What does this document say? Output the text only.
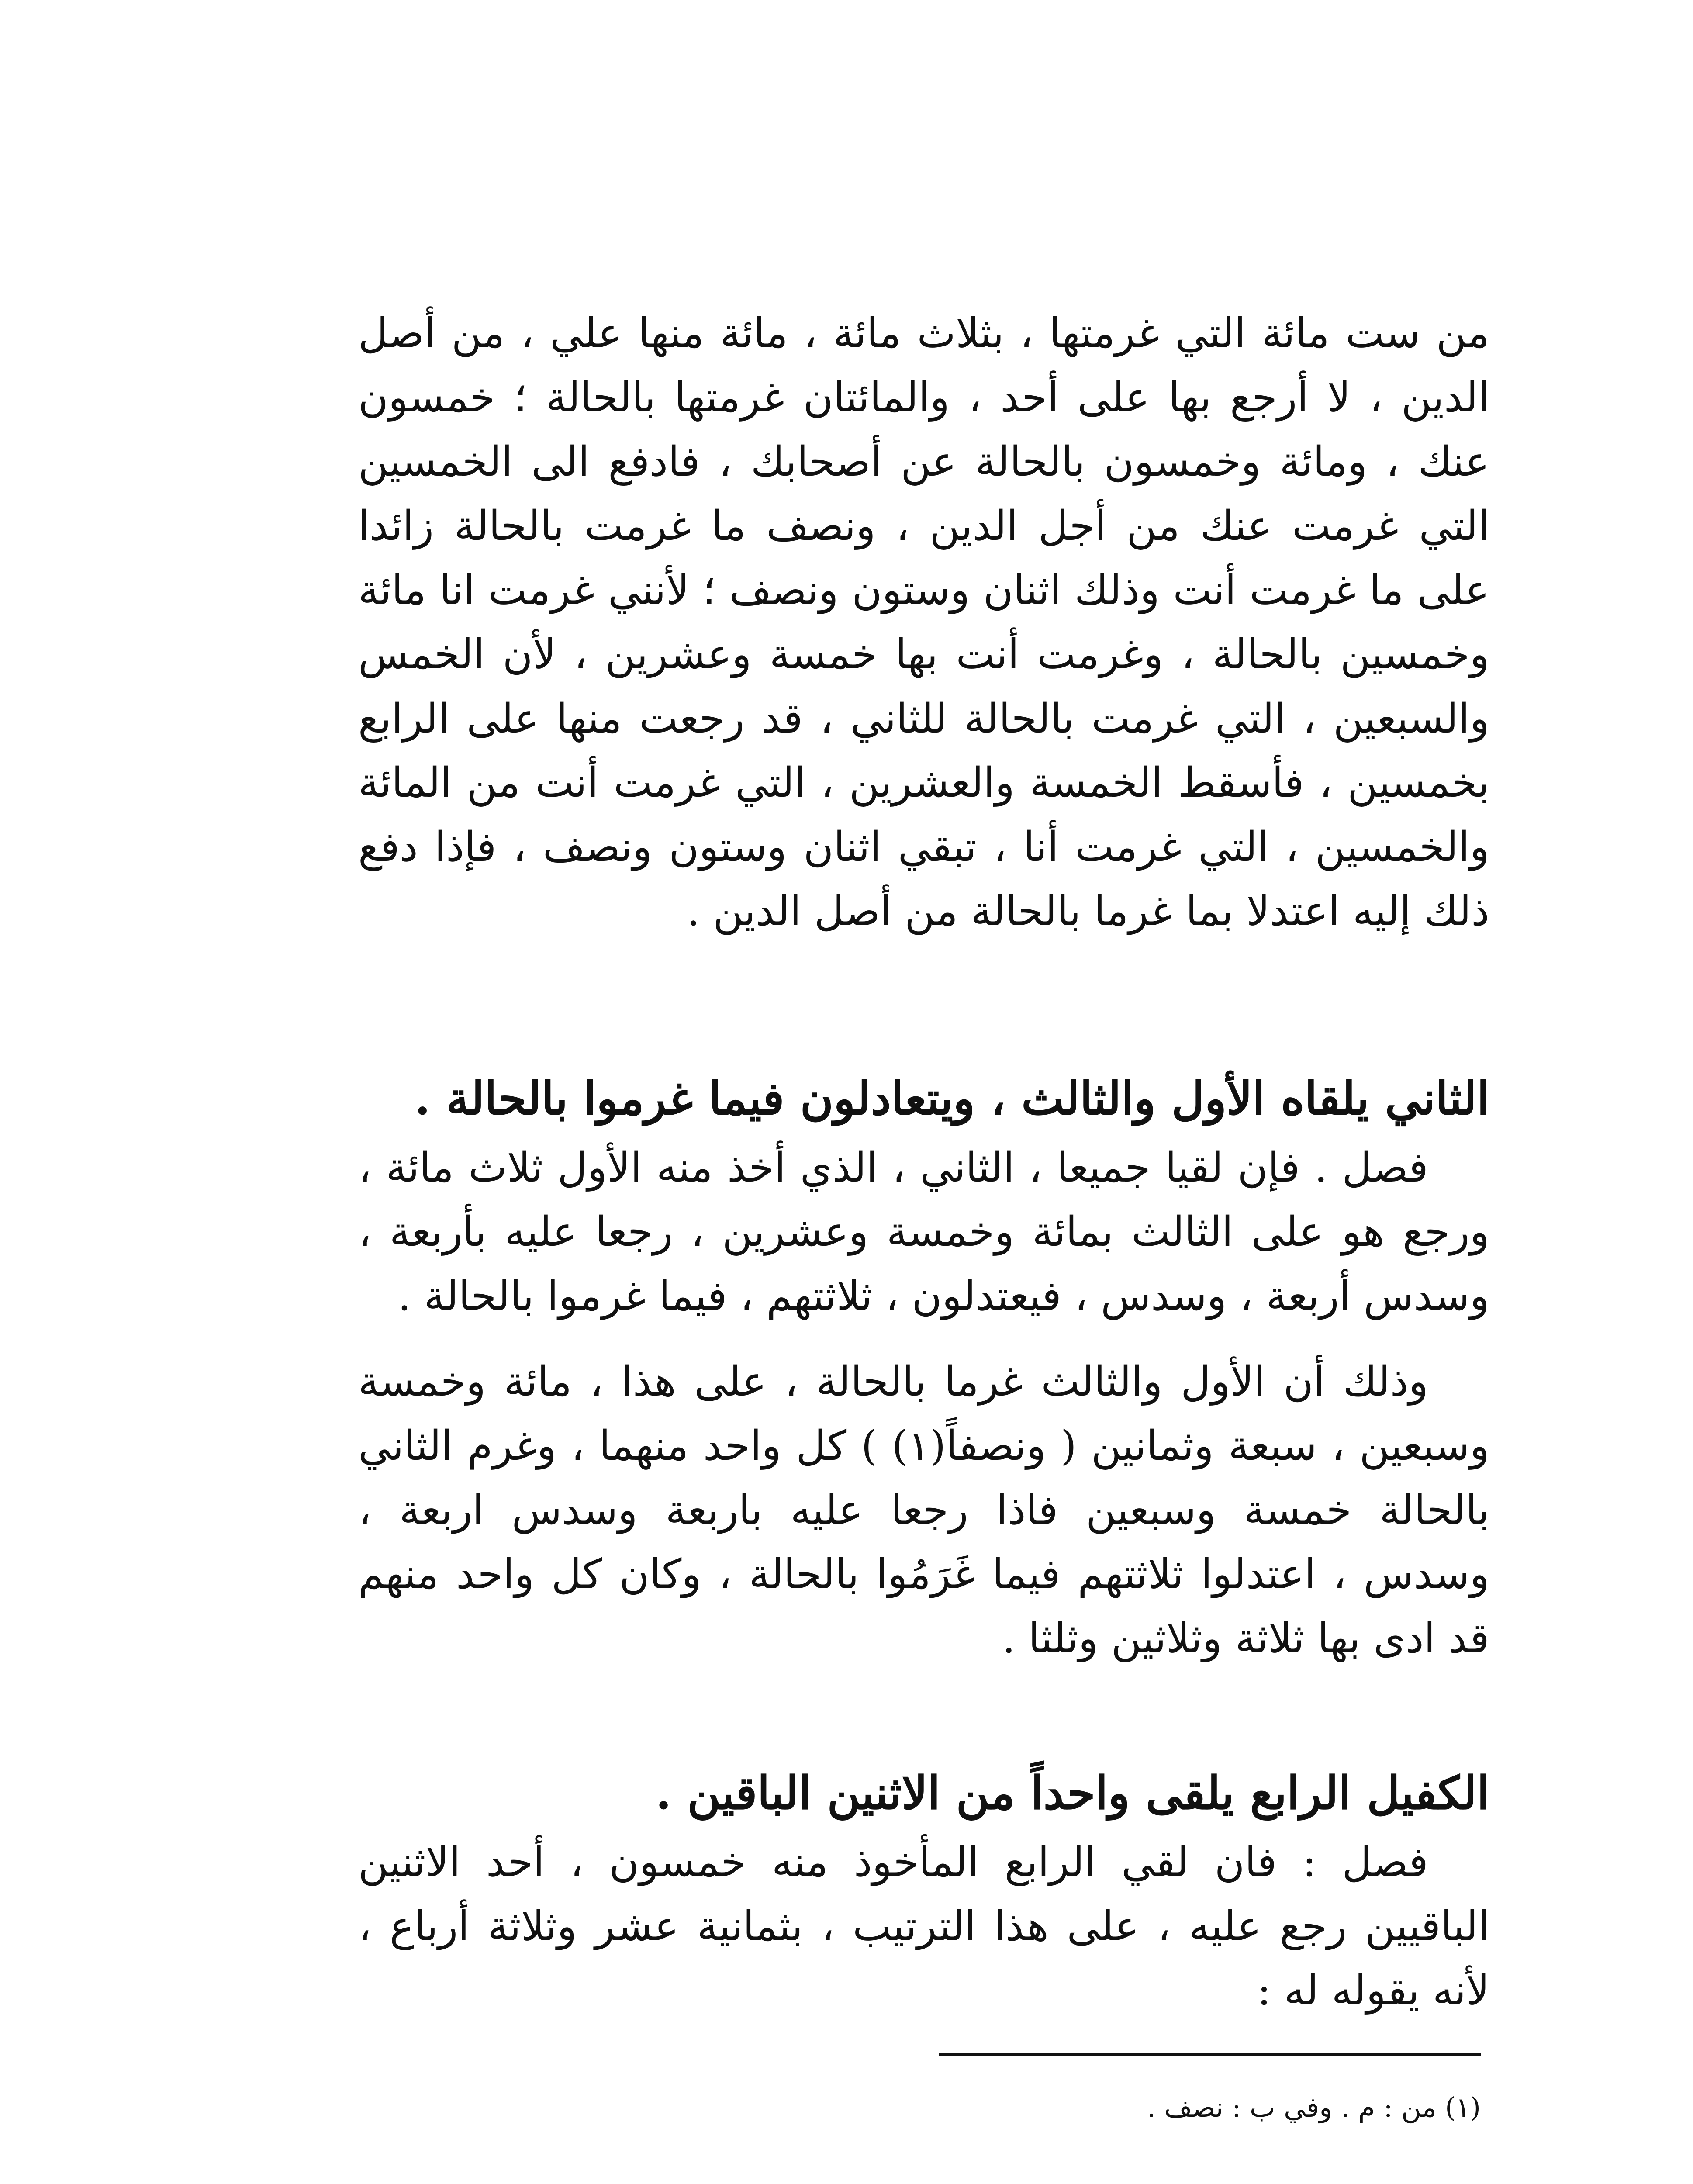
من ست مائة التي غرمتها ، بثلاث مائة ، مائة منها علي ، من أصل الدين ، لا أرجع بها على أحد ، والمائتان غرمتها بالحالة ؛ خمسون عنك ، ومائة وخمسون بالحالة عن أصحابك ، فادفع الى الخمسين التي غرمت عنك من أجل الدين ، ونصف ما غرمت بالحالة زائدا على ما غرمت أنت وذلك اثنان وستون ونصف ؛ لأنني غرمت انا مائة وخمسين بالحالة ، وغرمت أنت بها خمسة وعشرين ، لأن الخمس والسبعين ، التي غرمت بالحالة للثاني ، قد رجعت منها على الرابع بخمسين ، فأسقط الخمسة والعشرين ، التي غرمت أنت من المائة والخمسين ، التي غرمت أنا ، تبقي اثنان وستون ونصف ، فإذا دفع ذلك إليه اعتدلا بما غرما بالحالة من أصل الدين .

الثاني يلقاه الأول والثالث ، ويتعادلون فيما غرموا بالحالة .

فصل . فإن لقيا جميعا ، الثاني ، الذي أخذ منه الأول ثلاث مائة ، ورجع هو على الثالث بمائة وخمسة وعشرين ، رجعا عليه بأربعة ، وسدس أربعة ، وسدس ، فيعتدلون ، ثلاثتهم ، فيما غرموا بالحالة .

وذلك أن الأول والثالث غرما بالحالة ، على هذا ، مائة وخمسة وسبعين ، سبعة وثمانين ( ونصفاً(١) ) كل واحد منهما ، وغرم الثاني بالحالة خمسة وسبعين فاذا رجعا عليه باربعة وسدس اربعة ، وسدس ، اعتدلوا ثلاثتهم فيما غَرَمُوا بالحالة ، وكان كل واحد منهم قد ادى بها ثلاثة وثلاثين وثلثا .

الكفيل الرابع يلقى واحداً من الاثنين الباقين .

فصل : فان لقي الرابع المأخوذ منه خمسون ، أحد الاثنين الباقيين رجع عليه ، على هذا الترتيب ، بثمانية عشر وثلاثة أرباع ، لأنه يقوله له :

(١) من : م . وفي ب : نصف .
